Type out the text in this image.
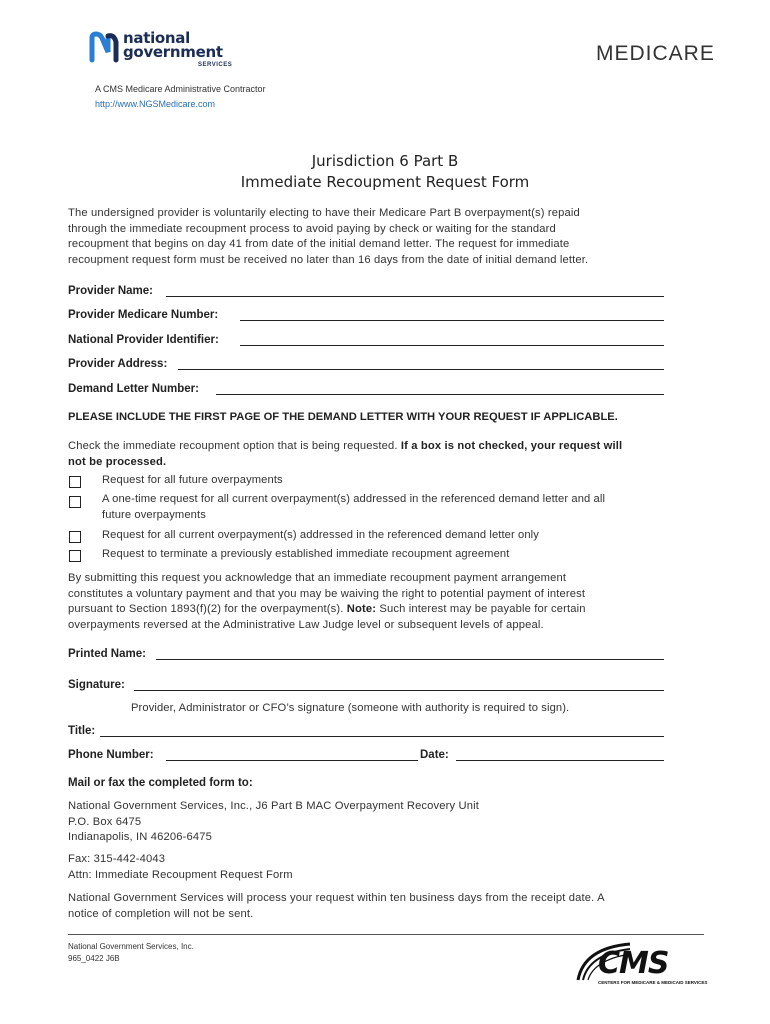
national
government
SERVICES	MEDICARE
A CMS Medicare Administrative Contractor
http://www.NGSMedicare.com
Jurisdiction 6 Part B
Immediate Recoupment Request Form
The undersigned provider is voluntarily electing to have their Medicare Part B overpayment(s) repaid
through the immediate recoupment process to avoid paying by check or waiting for the standard
recoupment that begins on day 41 from date of the initial demand letter. The request for immediate
recoupment request form must be received no later than 16 days from the date of initial demand letter.
Provider Name:
Provider Medicare Number:
National Provider Identifier:
Provider Address:
Demand Letter Number:
PLEASE INCLUDE THE FIRST PAGE OF THE DEMAND LETTER WITH YOUR REQUEST IF APPLICABLE.
Check the immediate recoupment option that is being requested. If a box is not checked, your request will
not be processed.
Request for all future overpayments
A one-time request for all current overpayment(s) addressed in the referenced demand letter and all
future overpayments
Request for all current overpayment(s) addressed in the referenced demand letter only
Request to terminate a previously established immediate recoupment agreement
By submitting this request you acknowledge that an immediate recoupment payment arrangement
constitutes a voluntary payment and that you may be waiving the right to potential payment of interest
pursuant to Section 1893(f)(2) for the overpayment(s). Note: Such interest may be payable for certain
overpayments reversed at the Administrative Law Judge level or subsequent levels of appeal.
Printed Name:
Signature:
Provider, Administrator or CFO’s signature (someone with authority is required to sign).
Title:
Phone Number:	Date:
Mail or fax the completed form to:
National Government Services, Inc., J6 Part B MAC Overpayment Recovery Unit
P.O. Box 6475
Indianapolis, IN 46206-6475
Fax: 315-442-4043
Attn: Immediate Recoupment Request Form
National Government Services will process your request within ten business days from the receipt date. A
notice of completion will not be sent.
National Government Services, Inc.
965_0422 J6B	CMS
CENTERS FOR MEDICARE & MEDICAID SERVICES
